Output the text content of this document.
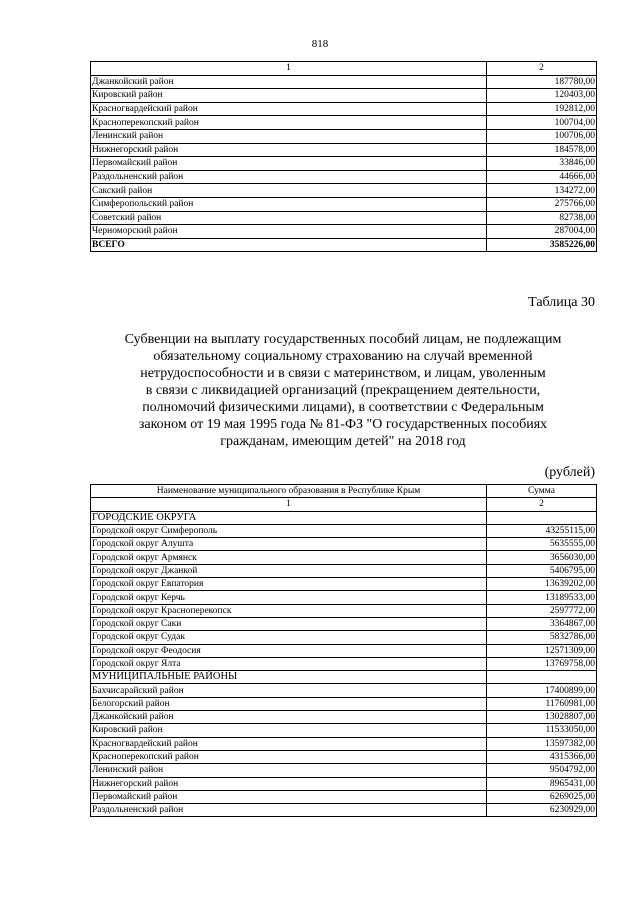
818
1	2
Джанкойский район	187780,00
Кировский район	120403,00
Красногвардейский район	192812,00
Красноперекопский район	100704,00
Ленинский район	100706,00
Нижнегорский район	184578,00
Первомайский район	33846,00
Раздольненский район	44666,00
Сакский район	134272,00
Симферопольский район	275766,00
Советский район	82738,00
Черноморский район	287004,00
ВСЕГО	3585226,00
Таблица 30

Субвенции на выплату государственных пособий лицам, не подлежащим
обязательному социальному страхованию на случай временной
нетрудоспособности и в связи с материнством, и лицам, уволенным
в связи с ликвидацией организаций (прекращением деятельности,
полномочий физическими лицами), в соответствии с Федеральным
законом от 19 мая 1995 года № 81-ФЗ "О государственных пособиях
гражданам, имеющим детей" на 2018 год

(рублей)
Наименование муниципального образования в Республике Крым	Сумма
1	2
ГОРОДСКИЕ ОКРУГА	
Городской округ Симферополь	43255115,00
Городской округ Алушта	5635555,00
Городской округ Армянск	3656030,00
Городской округ Джанкой	5406795,00
Городской округ Евпатория	13639202,00
Городской округ Керчь	13189533,00
Городской округ Красноперекопск	2597772,00
Городской округ Саки	3364867,00
Городской округ Судак	5832786,00
Городской округ Феодосия	12571309,00
Городской округ Ялта	13769758,00
МУНИЦИПАЛЬНЫЕ РАЙОНЫ	
Бахчисарайский район	17400899,00
Белогорский район	11760981,00
Джанкойский район	13028807,00
Кировский район	11533050,00
Красногвардейский район	13597382,00
Красноперекопский район	4315366,00
Ленинский район	9504792,00
Нижнегорский район	8965431,00
Первомайский район	6269025,00
Раздольненский район	6230929,00
